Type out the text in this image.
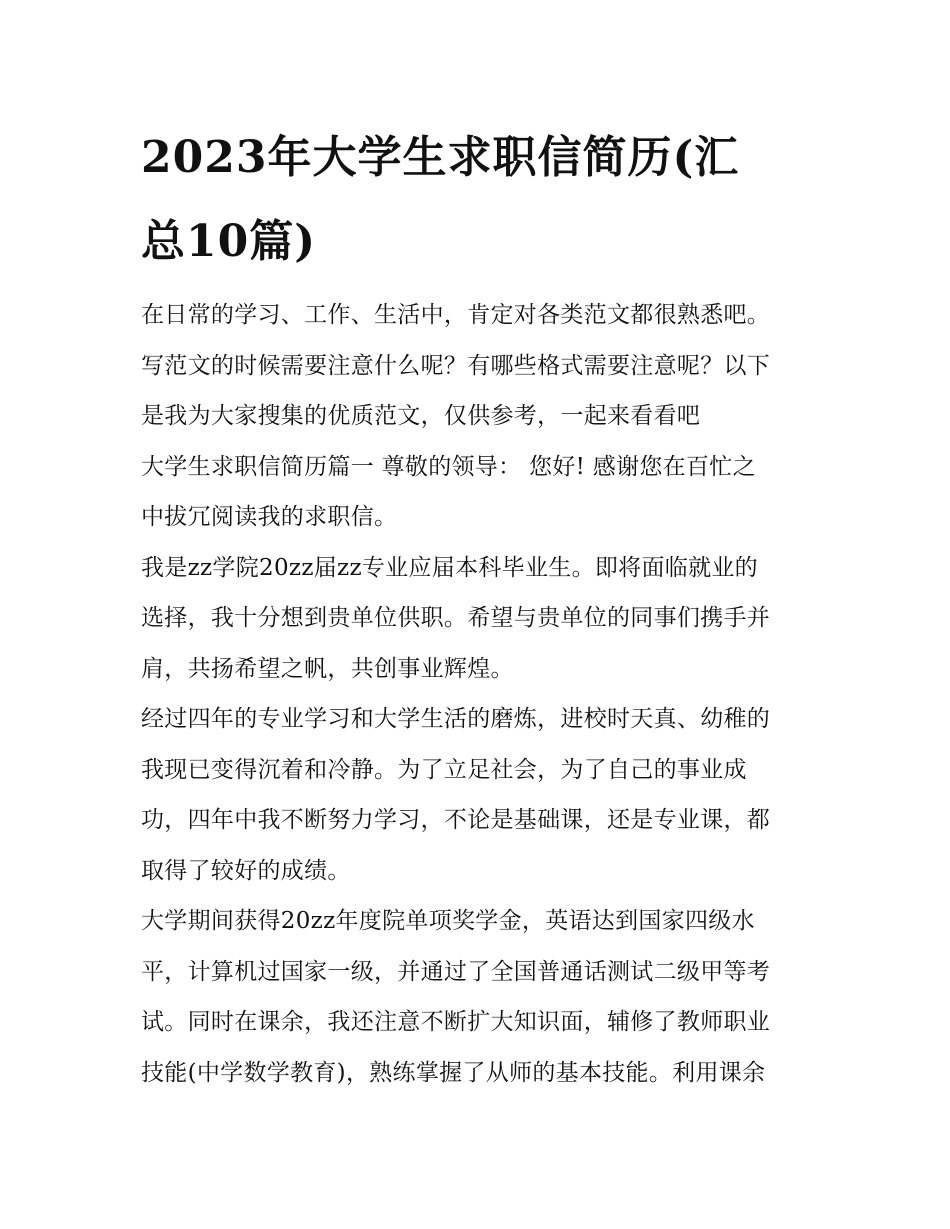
2023年大学生求职信简历(汇
总10篇)
在日常的学习、工作、生活中，肯定对各类范文都很熟悉吧。
写范文的时候需要注意什么呢？有哪些格式需要注意呢？以下
是我为大家搜集的优质范文，仅供参考，一起来看看吧
大学生求职信简历篇一 尊敬的领导： 您好! 感谢您在百忙之
中拔冗阅读我的求职信。
我是zz学院20zz届zz专业应届本科毕业生。即将面临就业的
选择，我十分想到贵单位供职。希望与贵单位的同事们携手并
肩，共扬希望之帆，共创事业辉煌。
经过四年的专业学习和大学生活的磨炼，进校时天真、幼稚的
我现已变得沉着和冷静。为了立足社会，为了自己的事业成
功，四年中我不断努力学习，不论是基础课，还是专业课，都
取得了较好的成绩。
大学期间获得20zz年度院单项奖学金，英语达到国家四级水
平，计算机过国家一级，并通过了全国普通话测试二级甲等考
试。同时在课余，我还注意不断扩大知识面，辅修了教师职业
技能(中学数学教育)，熟练掌握了从师的基本技能。利用课余
